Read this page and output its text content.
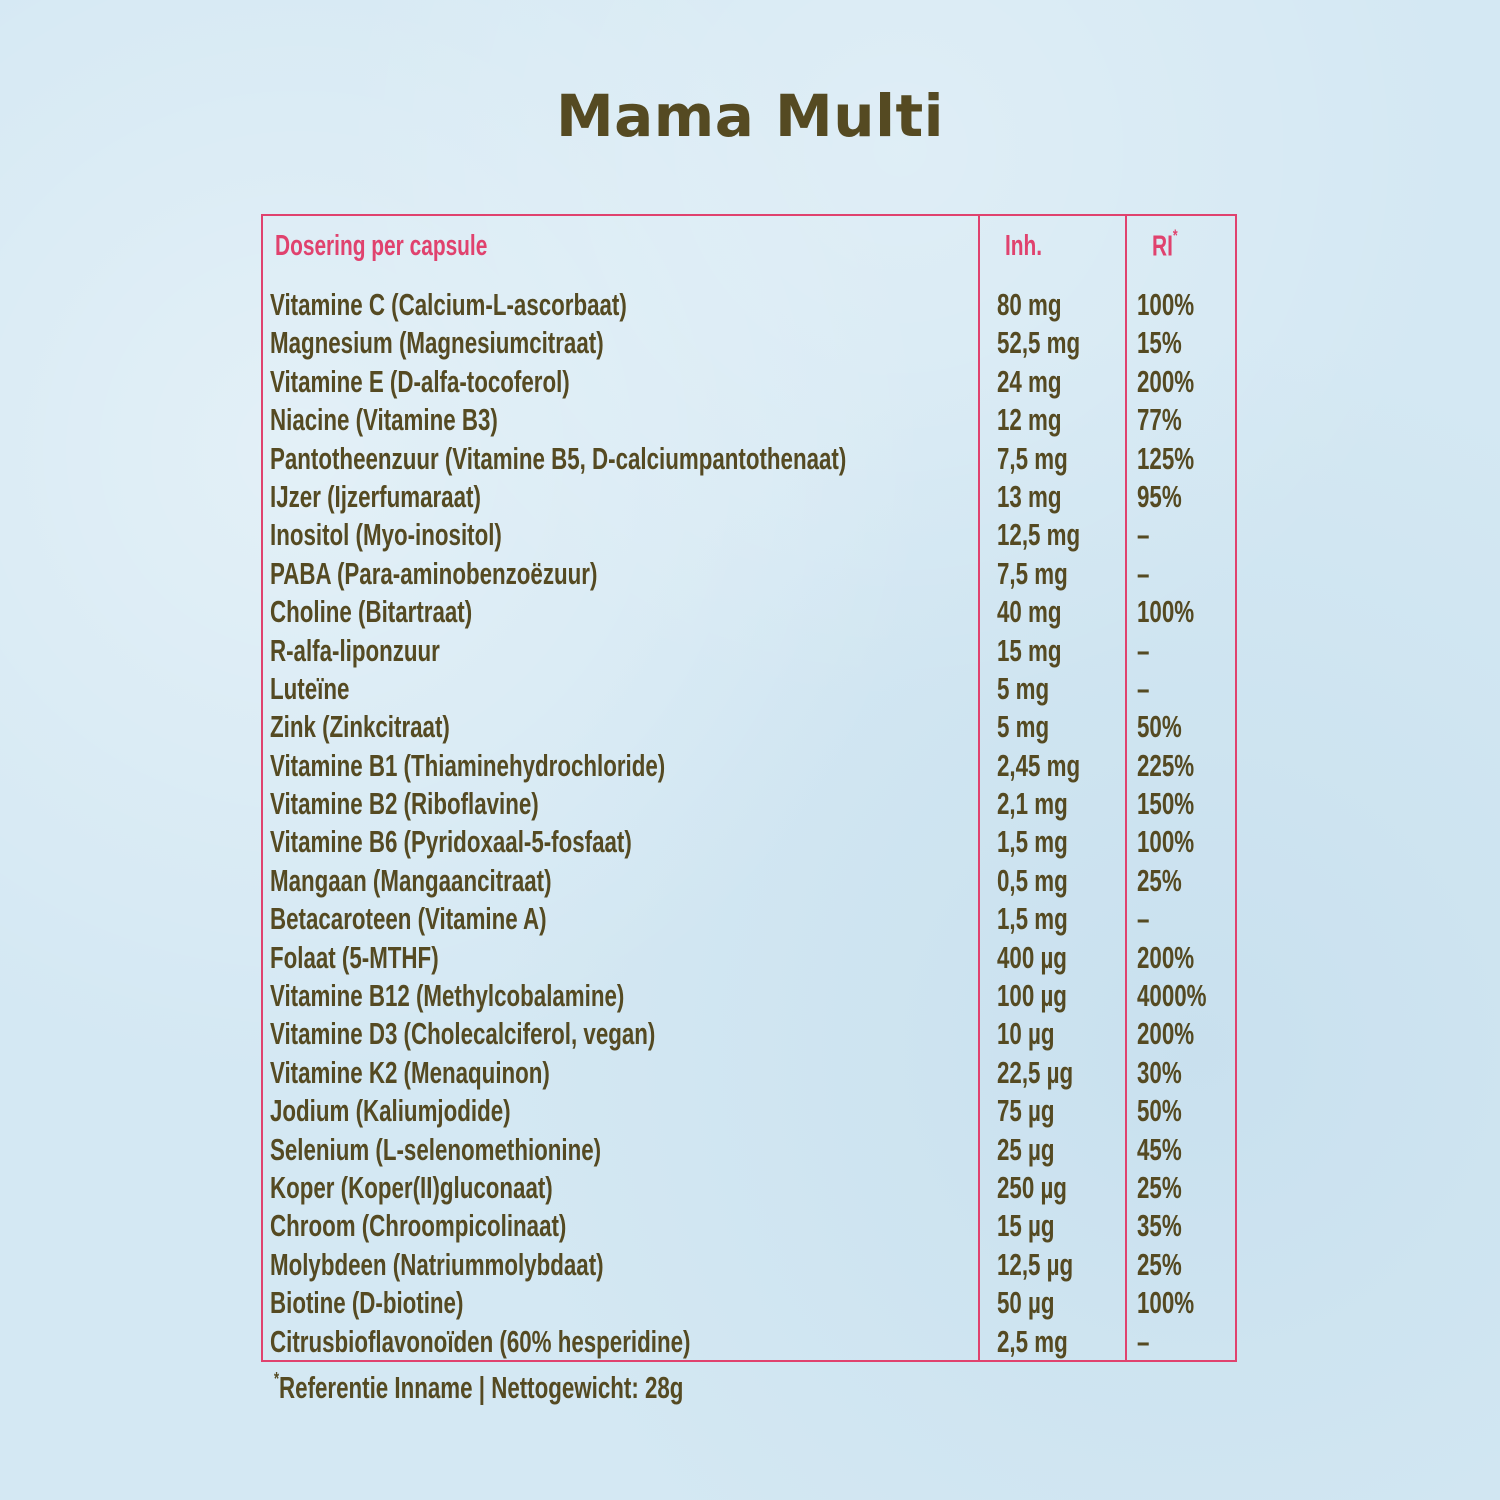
Mama Multi
Dosering per capsule	Inh.	RI*
Vitamine C (Calcium-L-ascorbaat)	80 mg 100%
Magnesium (Magnesiumcitraat)	52,5 mg 15%
Vitamine E (D-alfa-tocoferol)	24 mg 200%
Niacine (Vitamine B3)	12 mg 77%
Pantotheenzuur (Vitamine B5, D-calciumpantothenaat)	7,5 mg 125%
IJzer (Ijzerfumaraat)	13 mg 95%
Inositol (Myo-inositol)	12,5 mg –
PABA (Para-aminobenzoëzuur)	7,5 mg –
Choline (Bitartraat)	40 mg 100%
R-alfa-liponzuur	15 mg –
Luteïne	5 mg	–
Zink (Zinkcitraat)	5 mg	50%
Vitamine B1 (Thiaminehydrochloride)	2,45 mg 225%
Vitamine B2 (Riboflavine)	2,1 mg 150%
Vitamine B6 (Pyridoxaal-5-fosfaat)	1,5 mg 100%
Mangaan (Mangaancitraat)	0,5 mg 25%
Betacaroteen (Vitamine A)	1,5 mg –
Folaat (5-MTHF)	400 µg 200%
Vitamine B12 (Methylcobalamine)	100 µg 4000%
Vitamine D3 (Cholecalciferol, vegan)	10 µg	200%
Vitamine K2 (Menaquinon)	22,5 µg 30%
Jodium (Kaliumjodide)	75 µg	50%
Selenium (L-selenomethionine)	25 µg	45%
Koper (Koper(II)gluconaat)	250 µg 25%
Chroom (Chroompicolinaat)	15 µg	35%
Molybdeen (Natriummolybdaat)	12,5 µg 25%
Biotine (D-biotine)	50 µg	100%
Citrusbioflavonoïden (60% hesperidine)	2,5 mg –
*Referentie Inname | Nettogewicht: 28g
